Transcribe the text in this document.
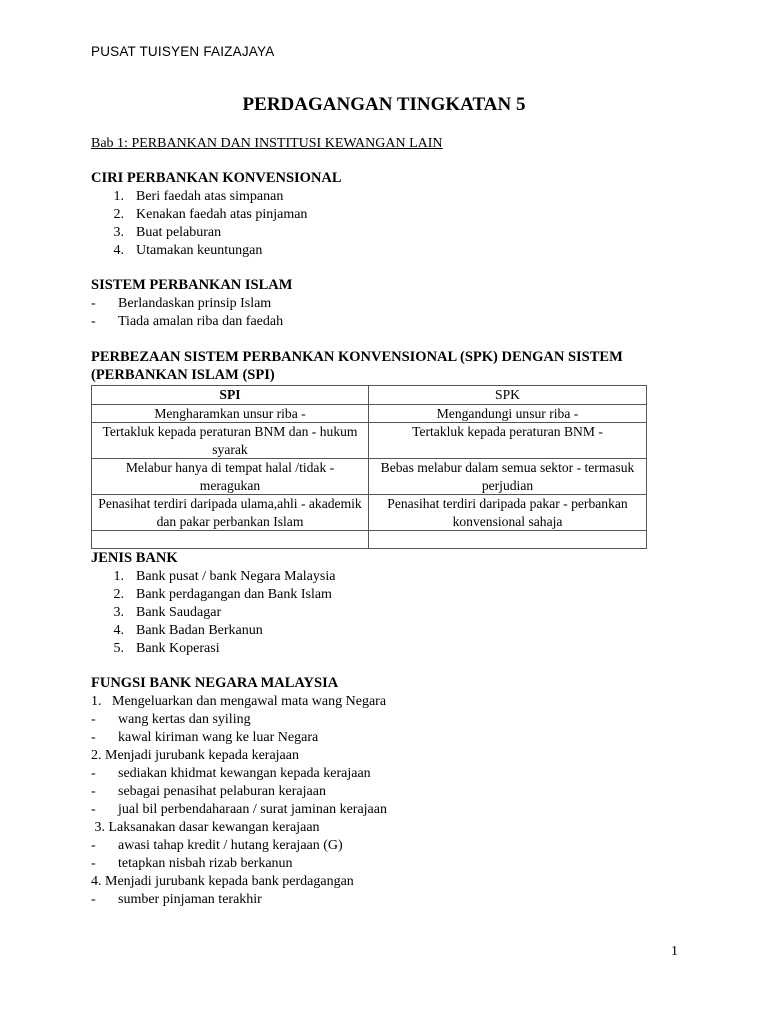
PUSAT TUISYEN FAIZAJAYA
PERDAGANGAN TINGKATAN 5
Bab 1: PERBANKAN DAN INSTITUSI KEWANGAN LAIN
CIRI PERBANKAN KONVENSIONAL
1. Beri faedah atas simpanan
2. Kenakan faedah atas pinjaman
3. Buat pelaburan
4. Utamakan keuntungan
SISTEM PERBANKAN ISLAM
- Berlandaskan prinsip Islam
- Tiada amalan riba dan faedah
PERBEZAAN SISTEM PERBANKAN KONVENSIONAL (SPK) DENGAN SISTEM
(PERBANKAN ISLAM (SPI)
SPI	SPK
Mengharamkan unsur riba -	Mengandungi unsur riba -
Tertakluk kepada peraturan BNM dan - hukum syarak	Tertakluk kepada peraturan BNM -
Melabur hanya di tempat halal /tidak - meragukan	Bebas melabur dalam semua sektor - termasuk perjudian
Penasihat terdiri daripada ulama,ahli - akademik dan pakar perbankan Islam	Penasihat terdiri daripada pakar - perbankan konvensional sahaja

JENIS BANK
1. Bank pusat / bank Negara Malaysia
2. Bank perdagangan dan Bank Islam
3. Bank Saudagar
4. Bank Badan Berkanun
5. Bank Koperasi
FUNGSI BANK NEGARA MALAYSIA
1.   Mengeluarkan dan mengawal mata wang Negara
- wang kertas dan syiling
- kawal kiriman wang ke luar Negara
2. Menjadi jurubank kepada kerajaan
- sediakan khidmat kewangan kepada kerajaan
- sebagai penasihat pelaburan kerajaan
- jual bil perbendaharaan / surat jaminan kerajaan
3. Laksanakan dasar kewangan kerajaan
- awasi tahap kredit / hutang kerajaan (G)
- tetapkan nisbah rizab berkanun
4. Menjadi jurubank kepada bank perdagangan
- sumber pinjaman terakhir
1
